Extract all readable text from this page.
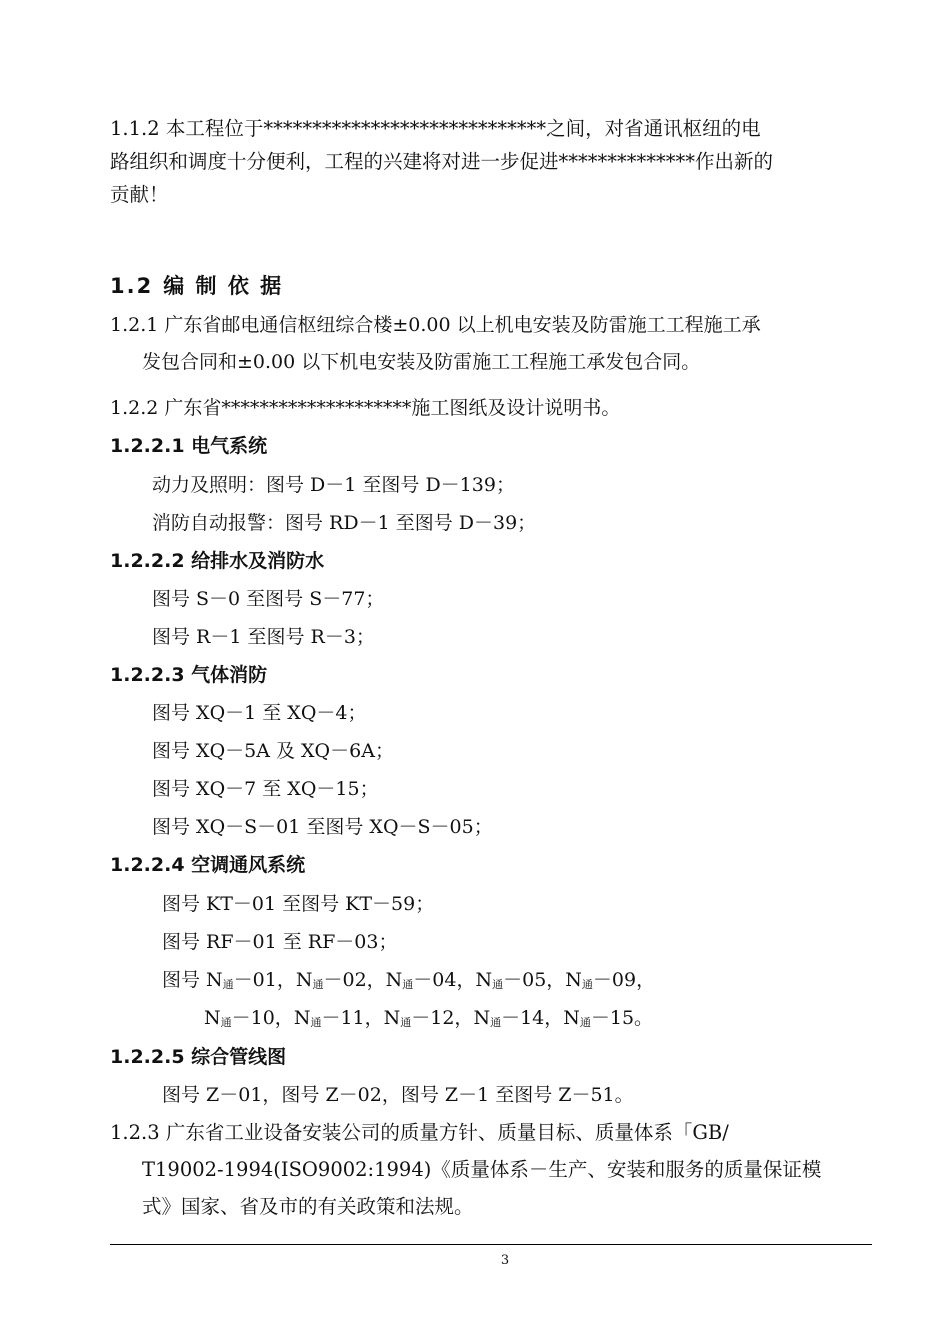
1.1.2 本工程位于*****************************之间，对省通讯枢纽的电
路组织和调度十分便利，工程的兴建将对进一步促进**************作出新的
贡献！
1.2 编 制 依 据
1.2.1 广东省邮电通信枢纽综合楼±0.00 以上机电安装及防雷施工工程施工承
发包合同和±0.00 以下机电安装及防雷施工工程施工承发包合同。
1.2.2 广东省********************施工图纸及设计说明书。
1.2.2.1 电气系统
动力及照明：图号 D－1 至图号 D－139；
消防自动报警：图号 RD－1 至图号 D－39；
1.2.2.2 给排水及消防水
图号 S－0 至图号 S－77；
图号 R－1 至图号 R－3；
1.2.2.3 气体消防
图号 XQ－1 至 XQ－4；
图号 XQ－5A 及 XQ－6A；
图号 XQ－7 至 XQ－15；
图号 XQ－S－01 至图号 XQ－S－05；
1.2.2.4 空调通风系统
图号 KT－01 至图号 KT－59；
图号 RF－01 至 RF－03；
图号 $N_通-01$，$N_通-02$，$N_通-04$，$N_通-05$，$N_通-09$，
$N_通-10$，$N_通-11$，$N_通-12$，$N_通-14$，$N_通-15$。
1.2.2.5 综合管线图
图号 Z－01，图号 Z－02，图号 Z－1 至图号 Z－51。
1.2.3 广东省工业设备安装公司的质量方针、质量目标、质量体系「GB/
T19002-1994(ISO9002:1994)《质量体系－生产、安装和服务的质量保证模
式》国家、省及市的有关政策和法规。
3
